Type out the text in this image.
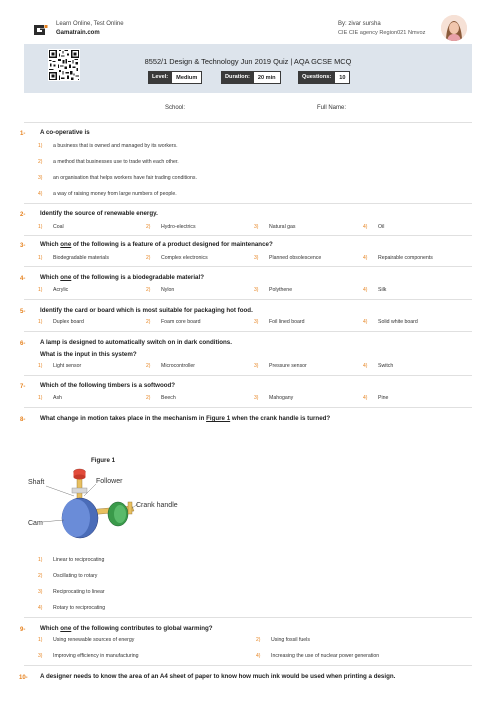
Learn Online, Test Online
Gamatrain.com
By: zivar sursha
CIE CIE agency Region021 Nmvoz
8552/1 Design & Technology Jun 2019 Quiz | AQA GCSE MCQ
Level:	Medium	Duration:	20 min	Questions:	10
School:	Full Name:
1- A co-operative is
1) a business that is owned and managed by its workers.
2) a method that businesses use to trade with each other.
3) an organisation that helps workers have fair trading conditions.
4) a way of raising money from large numbers of people.
2- Identify the source of renewable energy.
1) Coal	2) Hydro-electrics	3) Natural gas	4) Oil
3- Which one of the following is a feature of a product designed for maintenance?
1) Biodegradable materials	2) Complex electronics	3) Planned obsolescence	4) Repairable components
4- Which one of the following is a biodegradable material?
1) Acrylic	2) Nylon	3) Polythene	4) Silk
5- Identify the card or board which is most suitable for packaging hot food.
1) Duplex board	2) Foam core board	3) Foil lined board	4) Solid white board
6- A lamp is designed to automatically switch on in dark conditions.
What is the input in this system?
1) Light sensor	2) Microcontroller	3) Pressure sensor	4) Switch
7- Which of the following timbers is a softwood?
1) Ash	2) Beech	3) Mahogany	4) Pine
8- What change in motion takes place in the mechanism in Figure 1 when the crank handle is turned?
Figure 1
Shaft	Follower
Crank handle
Cam
1) Linear to reciprocating
2) Oscillating to rotary
3) Reciprocating to linear
4) Rotary to reciprocating
9- Which one of the following contributes to global warming?
1) Using renewable sources of energy	2) Using fossil fuels
3) Improving efficiency in manufacturing	4) Increasing the use of nuclear power generation
10- A designer needs to know the area of an A4 sheet of paper to know how much ink would be used when printing a design.
